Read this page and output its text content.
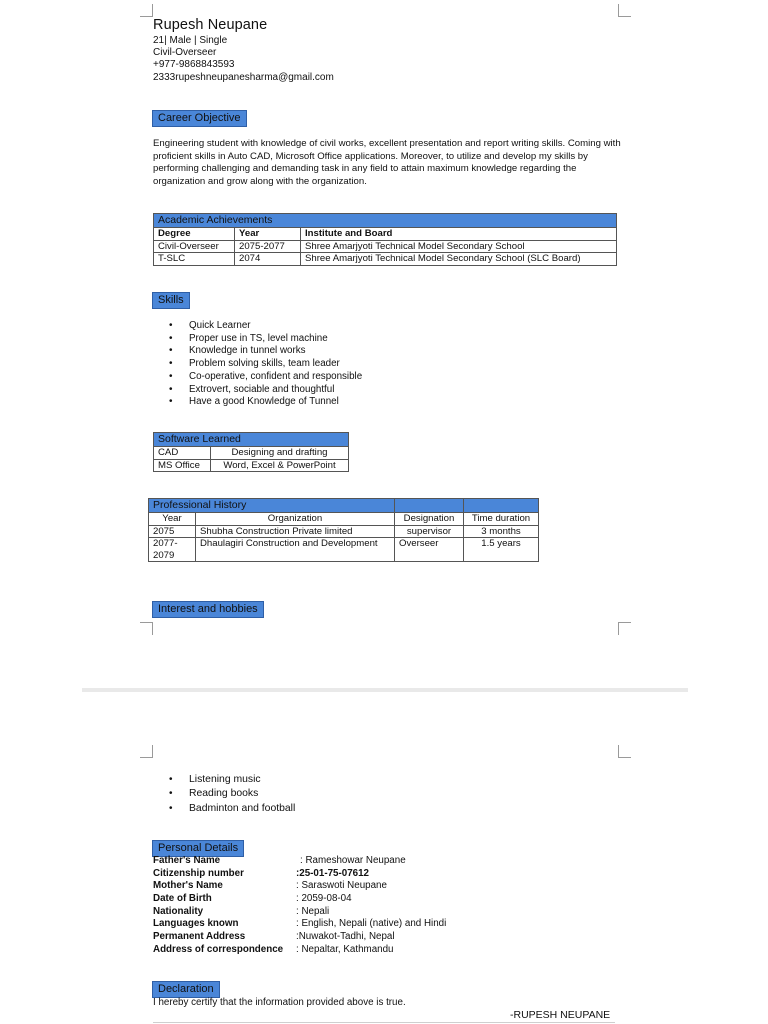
Rupesh Neupane
21| Male | Single
Civil-Overseer
+977-9868843593
2333rupeshneupanesharma@gmail.com
Career Objective
Engineering student with knowledge of civil works, excellent presentation and report writing skills. Coming with proficient skills in Auto CAD, Microsoft Office applications. Moreover, to utilize and develop my skills by performing challenging and demanding task in any field to attain maximum knowledge regarding the organization and grow along with the organization.
Academic Achievements		
Degree	Year	Institute and Board
Civil-Overseer	2075-2077	Shree Amarjyoti Technical Model Secondary School
T-SLC	2074	Shree Amarjyoti Technical Model Secondary School (SLC Board)
Skills
• Quick Learner
• Proper use in TS, level machine
• Knowledge in tunnel works
• Problem solving skills, team leader
• Co-operative, confident and responsible
• Extrovert, sociable and thoughtful
• Have a good Knowledge of Tunnel
Software Learned	
CAD	Designing and drafting
MS Office	Word, Excel & PowerPoint
Professional History			
Year	Organization	Designation	Time duration
2075	Shubha Construction Private limited	supervisor	3 months
2077-2079	Dhaulagiri Construction and Development	Overseer	1.5 years
Interest and hobbies
• Listening music
• Reading books
• Badminton and football
Personal Details
Father's Name	: Rameshowar Neupane
Citizenship number	:25-01-75-07612
Mother's Name	: Saraswoti Neupane
Date of Birth	: 2059-08-04
Nationality	: Nepali
Languages known	: English, Nepali (native) and Hindi
Permanent Address	:Nuwakot-Tadhi, Nepal
Address of correspondence	: Nepaltar, Kathmandu
Declaration
I hereby certify that the information provided above is true.
-RUPESH NEUPANE
